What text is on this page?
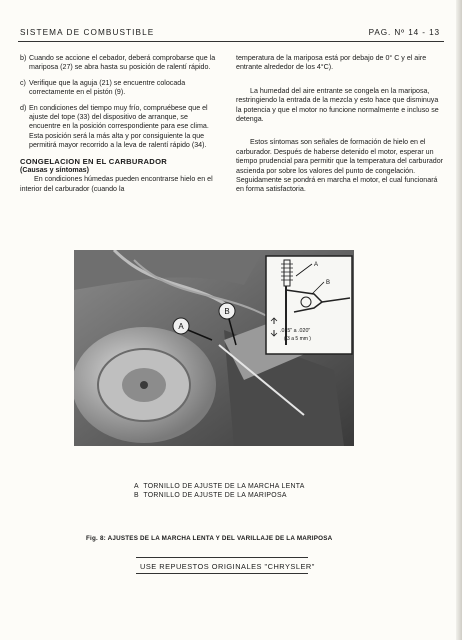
SISTEMA DE COMBUSTIBLE	PAG. Nº 14 - 13

b) Cuando se accione el cebador, deberá comprobarse que la mariposa (27) se abra hasta su posición de ralentí rápido.

c) Verifique que la aguja (21) se encuentre colocada correctamente en el pistón (9).

d) En condiciones del tiempo muy frío, compruébese que el ajuste del tope (33) del dispositivo de arranque, se encuentre en la posición correspondiente para ese clima. Esta posición será la más alta y por consiguiente la que permitirá mayor recorrido a la leva de ralentí rápido (34).

CONGELACION EN EL CARBURADOR
(Causas y síntomas)

En condiciones húmedas pueden encontrarse hielo en el interior del carburador (cuando la

temperatura de la mariposa está por debajo de 0° C y el aire entrante alrededor de los 4°C).

La humedad del aire entrante se congela en la mariposa, restringiendo la entrada de la mezcla y esto hace que disminuya la potencia y que el motor no funcione normalmente e incluso se detenga.

Estos síntomas son señales de formación de hielo en el carburador. Después de haberse detenido el motor, esperar un tiempo prudencial para permitir que la temperatura del carburador ascienda por sobre los valores del punto de congelación. Seguidamente se pondrá en marcha el motor, el cual funcionará en forma satisfactoria.

A
B
A
B
.015" a .020"
( 3 a 5 mm )
A TORNILLO DE AJUSTE DE LA MARCHA LENTA
B TORNILLO DE AJUSTE DE LA MARIPOSA
Fig. 8: AJUSTES DE LA MARCHA LENTA Y DEL VARILLAJE DE LA MARIPOSA
USE REPUESTOS ORIGINALES "CHRYSLER"
